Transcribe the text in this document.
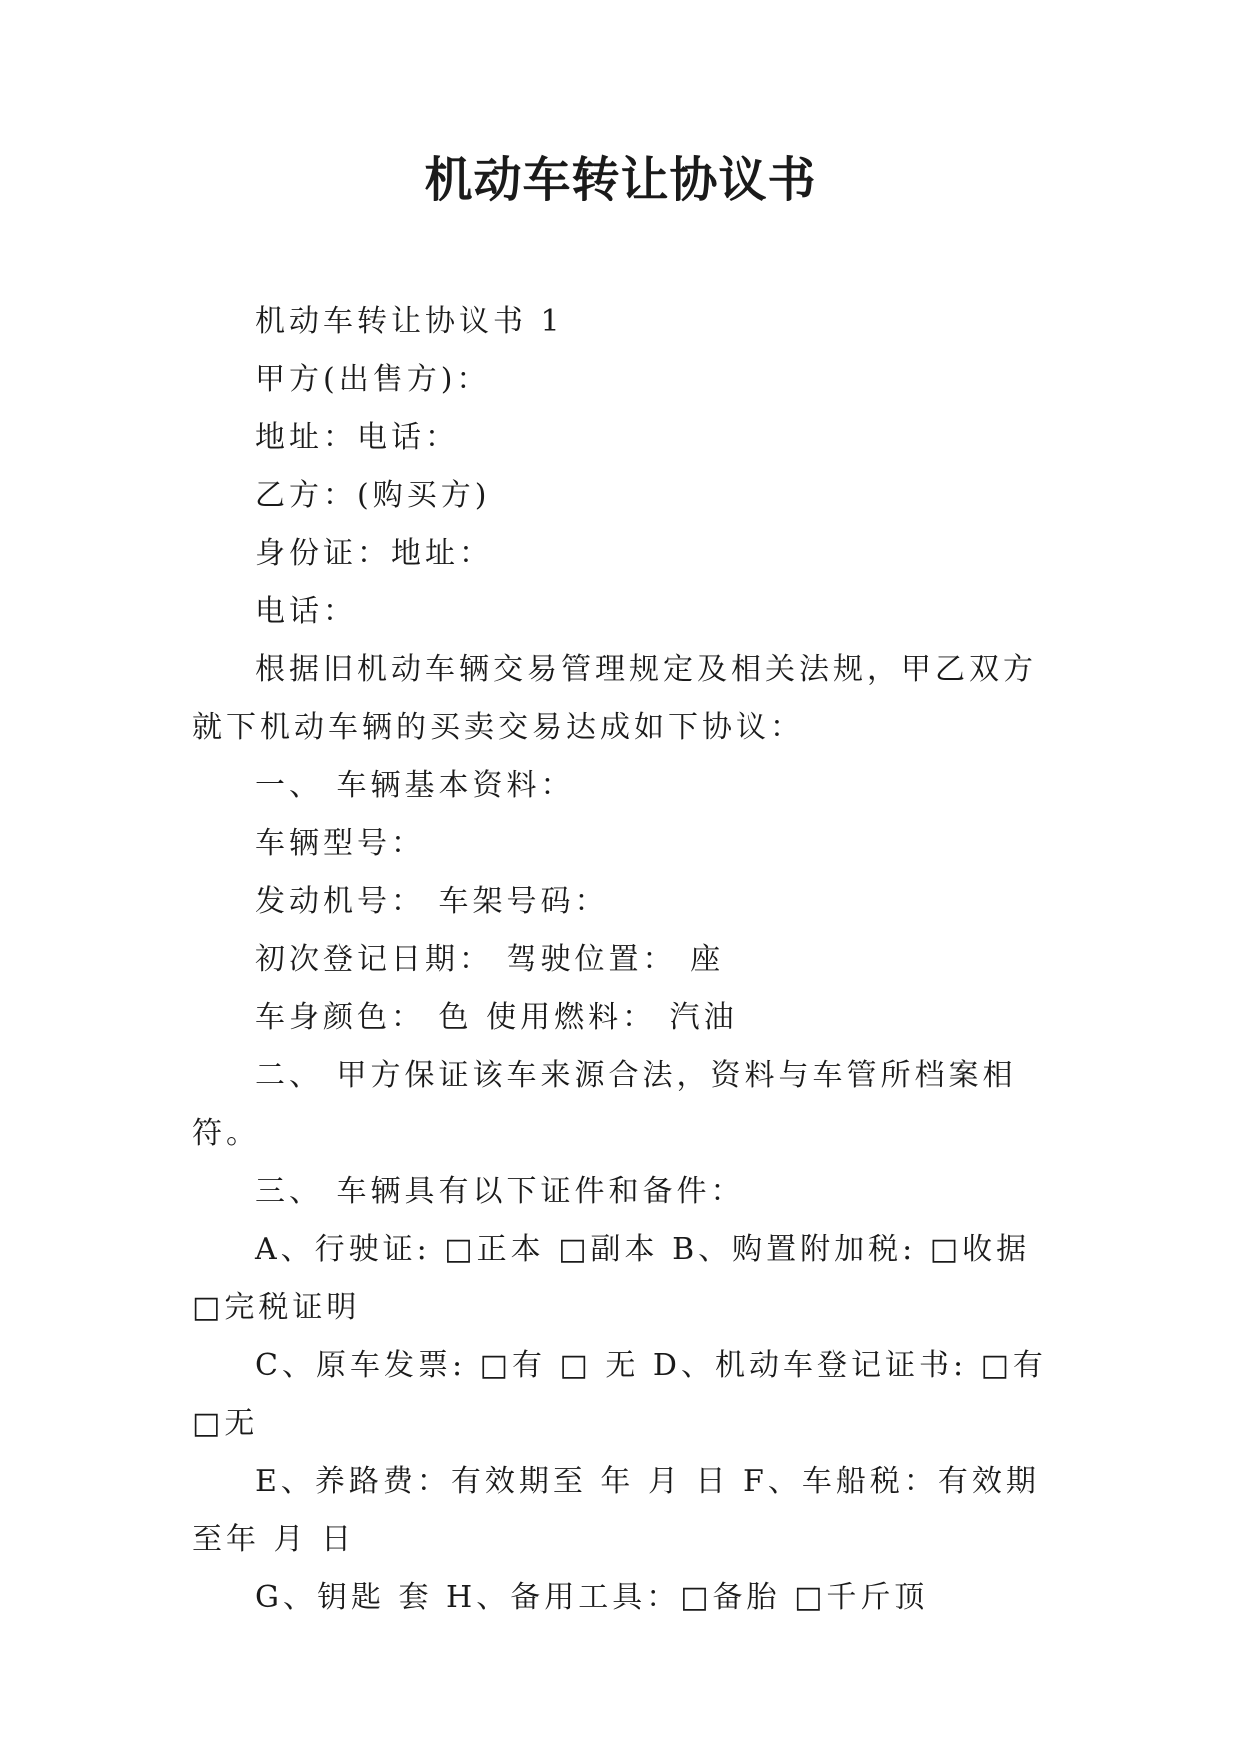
机动车转让协议书

机动车转让协议书 1

甲方(出售方)：

地址：电话：

乙方：(购买方)

身份证：地址：

电话：

根据旧机动车辆交易管理规定及相关法规，甲乙双方就下机动车辆的买卖交易达成如下协议：

一、 车辆基本资料：

车辆型号：

发动机号： 车架号码：

初次登记日期： 驾驶位置： 座

车身颜色： 色 使用燃料： 汽油

二、 甲方保证该车来源合法，资料与车管所档案相符。

三、 车辆具有以下证件和备件：

A、行驶证: □正本 □副本 B、购置附加税: □收据 □完税证明

C、原车发票: □有 □ 无 D、机动车登记证书: □有 □无

E、养路费：有效期至 年 月 日 F、车船税：有效期至年 月 日

G、钥匙 套 H、备用工具：□备胎 □千斤顶
